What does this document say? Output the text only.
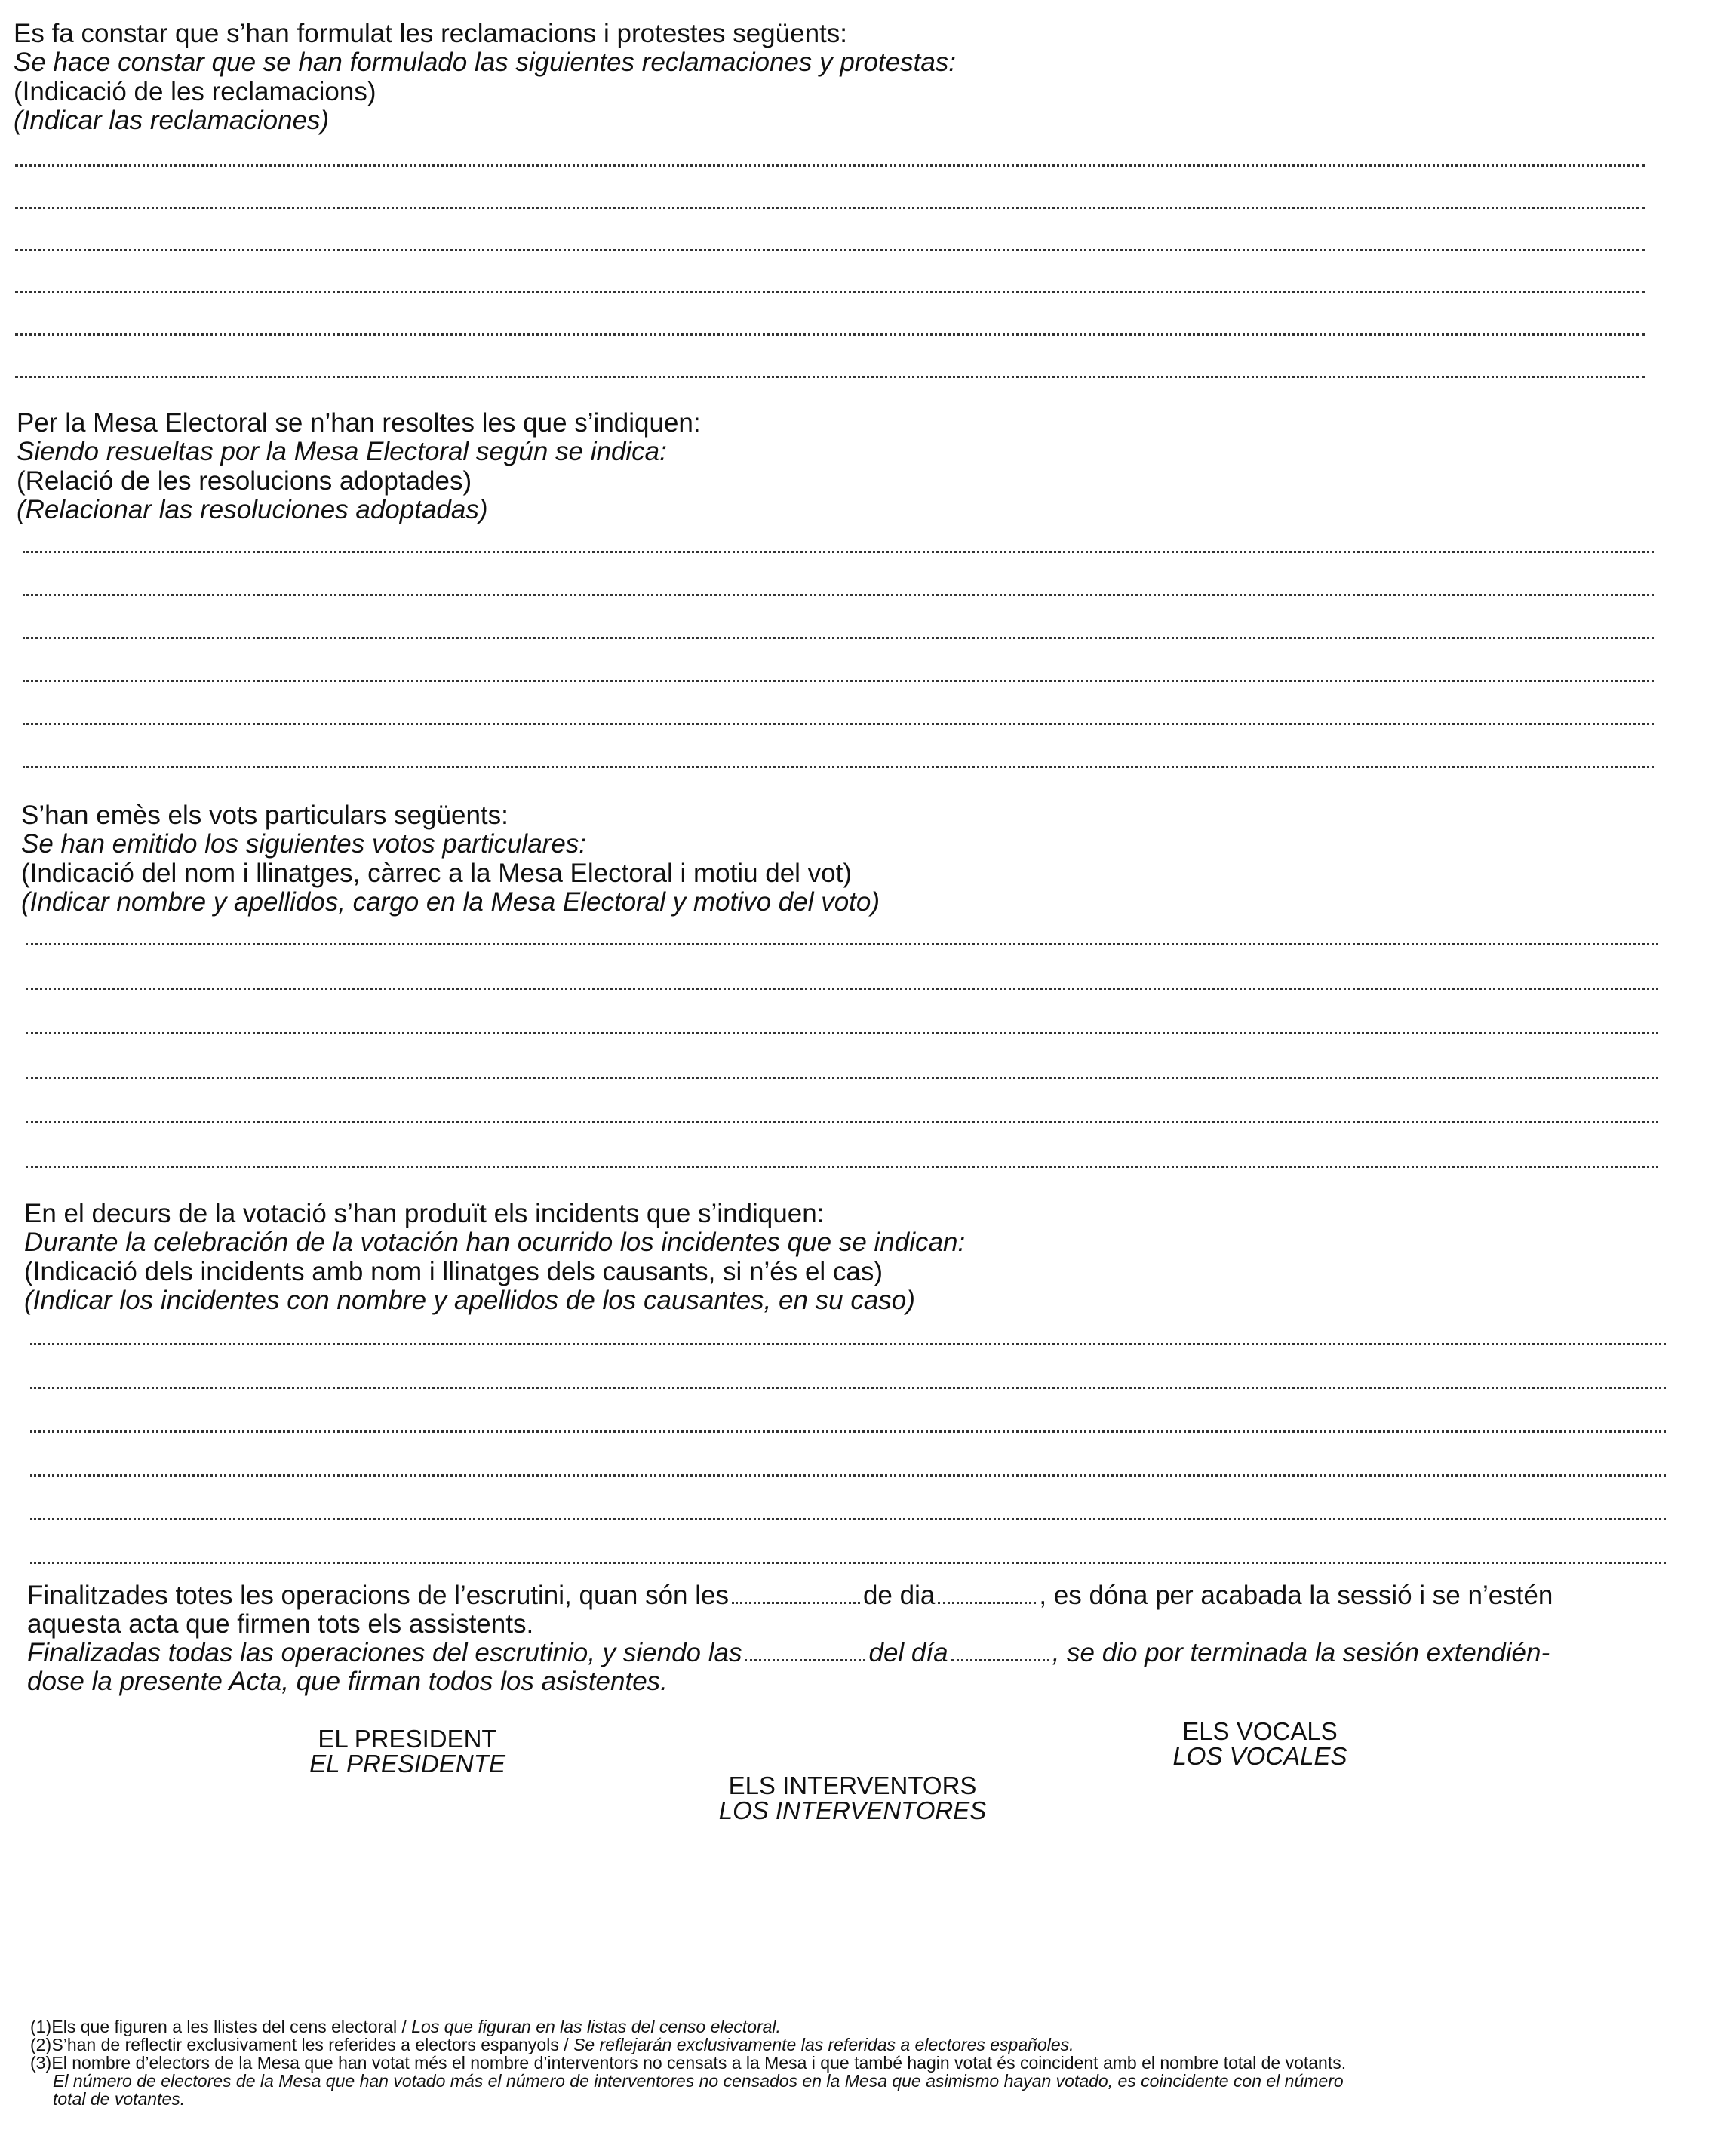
Es fa constar que s’han formulat les reclamacions i protestes següents:
Se hace constar que se han formulado las siguientes reclamaciones y protestas:
(Indicació de les reclamacions)
(Indicar las reclamaciones)
Per la Mesa Electoral se n’han resoltes les que s’indiquen:
Siendo resueltas por la Mesa Electoral según se indica:
(Relació de les resolucions adoptades)
(Relacionar las resoluciones adoptadas)
S’han emès els vots particulars següents:
Se han emitido los siguientes votos particulares:
(Indicació del nom i llinatges, càrrec a la Mesa Electoral i motiu del vot)
(Indicar nombre y apellidos, cargo en la Mesa Electoral y motivo del voto)
En el decurs de la votació s’han produït els incidents que s’indiquen:
Durante la celebración de la votación han ocurrido los incidentes que se indican:
(Indicació dels incidents amb nom i llinatges dels causants, si n’és el cas)
(Indicar los incidentes con nombre y apellidos de los causantes, en su caso)
Finalitzades totes les operacions de l’escrutini, quan són les	de dia	, es dóna per acabada la sessió i se n’estén
aquesta acta que firmen tots els assistents.
Finalizadas todas las operaciones del escrutinio, y siendo las	del día	, se dio por terminada la sesión extendién-
dose la presente Acta, que firman todos los asistentes.
EL PRESIDENT
EL PRESIDENTE
ELS INTERVENTORS
LOS INTERVENTORES
ELS VOCALS
LOS VOCALES
(1) Els que figuren a les llistes del cens electoral / Los que figuran en las listas del censo electoral.
(2) S’han de reflectir exclusivament les referides a electors espanyols / Se reflejarán exclusivamente las referidas a electores españoles.
(3) El nombre d’electors de la Mesa que han votat més el nombre d’interventors no censats a la Mesa i que també hagin votat és coincident amb el nombre total de votants.
El número de electores de la Mesa que han votado más el número de interventores no censados en la Mesa que asimismo hayan votado, es coincidente con el número
total de votantes.
